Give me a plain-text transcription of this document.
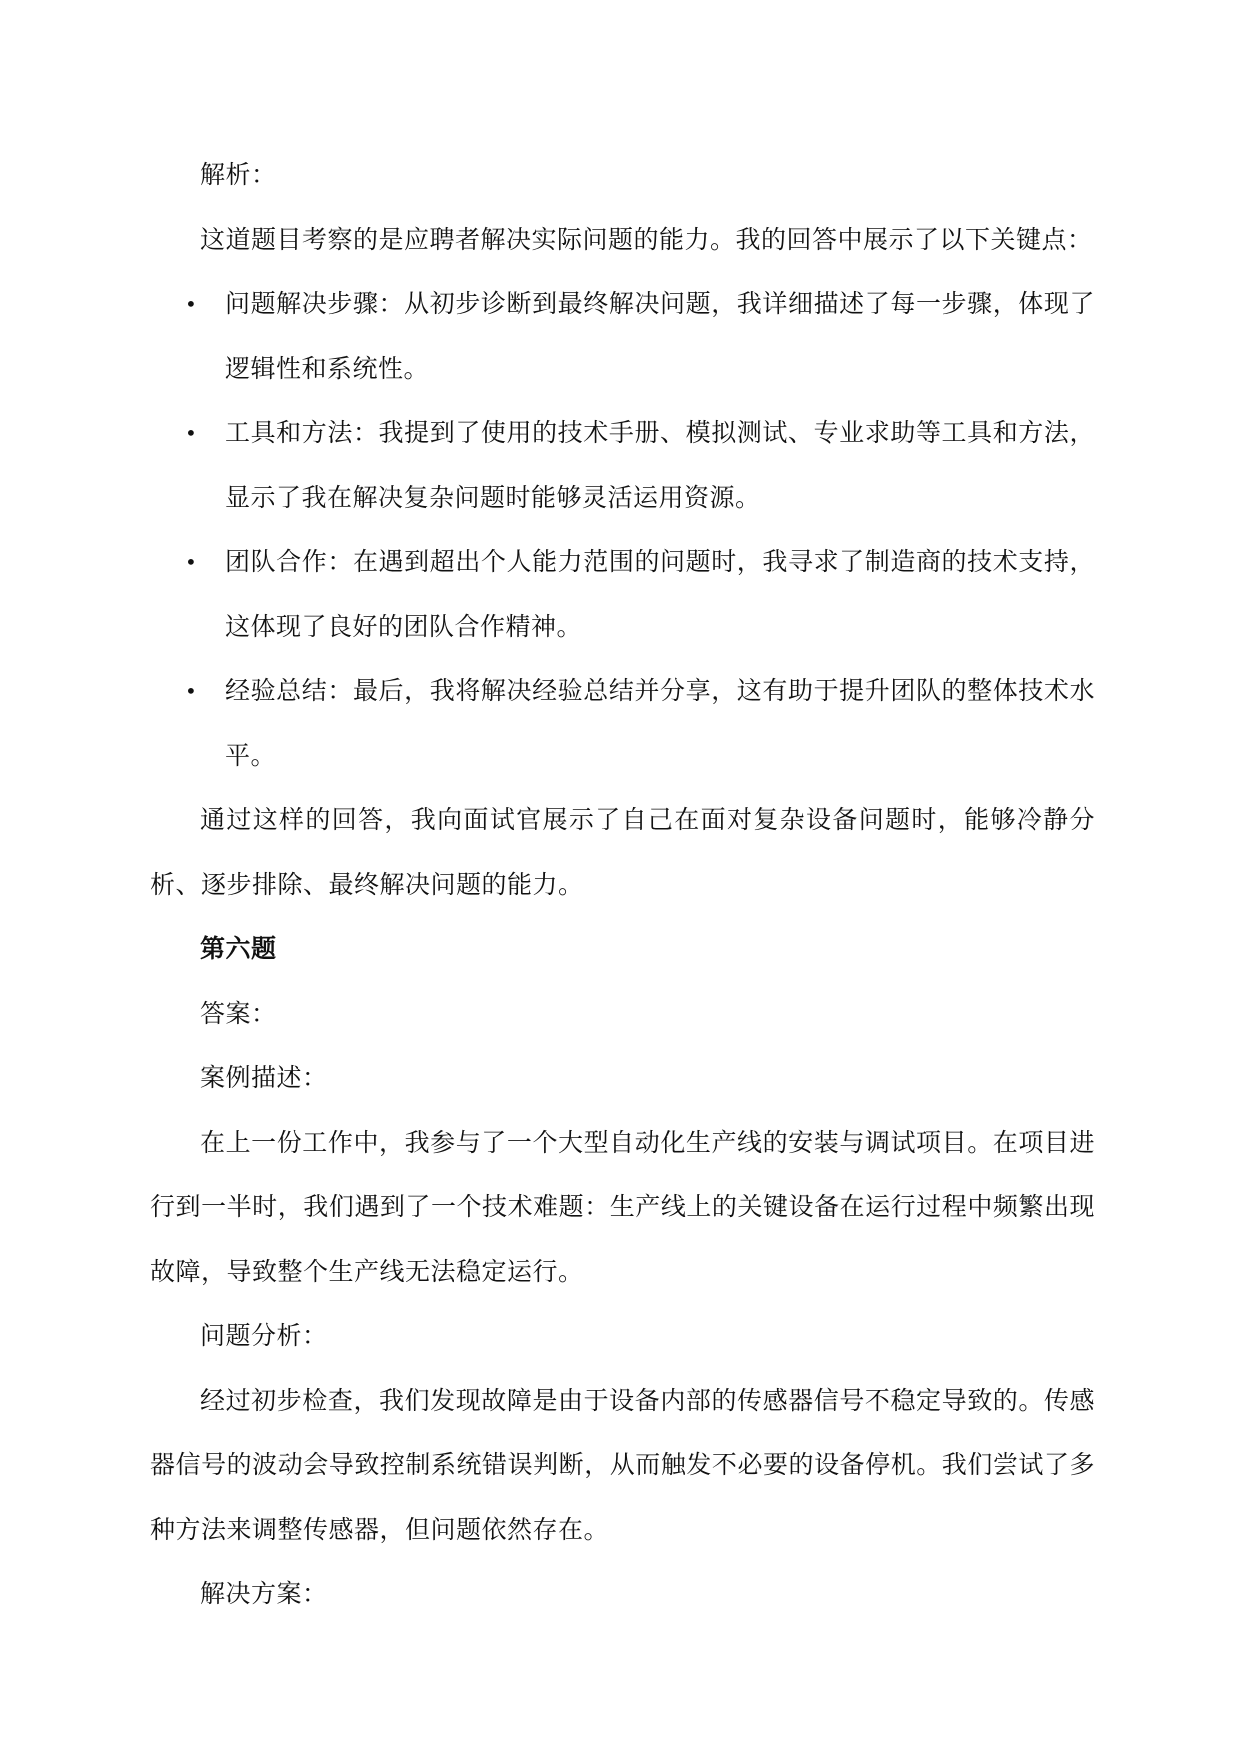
解析：

这道题目考察的是应聘者解决实际问题的能力。我的回答中展示了以下关键点：

• 问题解决步骤：从初步诊断到最终解决问题，我详细描述了每一步骤，体现了逻辑性和系统性。
• 工具和方法：我提到了使用的技术手册、模拟测试、专业求助等工具和方法，显示了我在解决复杂问题时能够灵活运用资源。
• 团队合作：在遇到超出个人能力范围的问题时，我寻求了制造商的技术支持，这体现了良好的团队合作精神。
• 经验总结：最后，我将解决经验总结并分享，这有助于提升团队的整体技术水平。

通过这样的回答，我向面试官展示了自己在面对复杂设备问题时，能够冷静分析、逐步排除、最终解决问题的能力。

第六题

答案：

案例描述：

在上一份工作中，我参与了一个大型自动化生产线的安装与调试项目。在项目进行到一半时，我们遇到了一个技术难题：生产线上的关键设备在运行过程中频繁出现故障，导致整个生产线无法稳定运行。

问题分析：

经过初步检查，我们发现故障是由于设备内部的传感器信号不稳定导致的。传感器信号的波动会导致控制系统错误判断，从而触发不必要的设备停机。我们尝试了多种方法来调整传感器，但问题依然存在。

解决方案：
